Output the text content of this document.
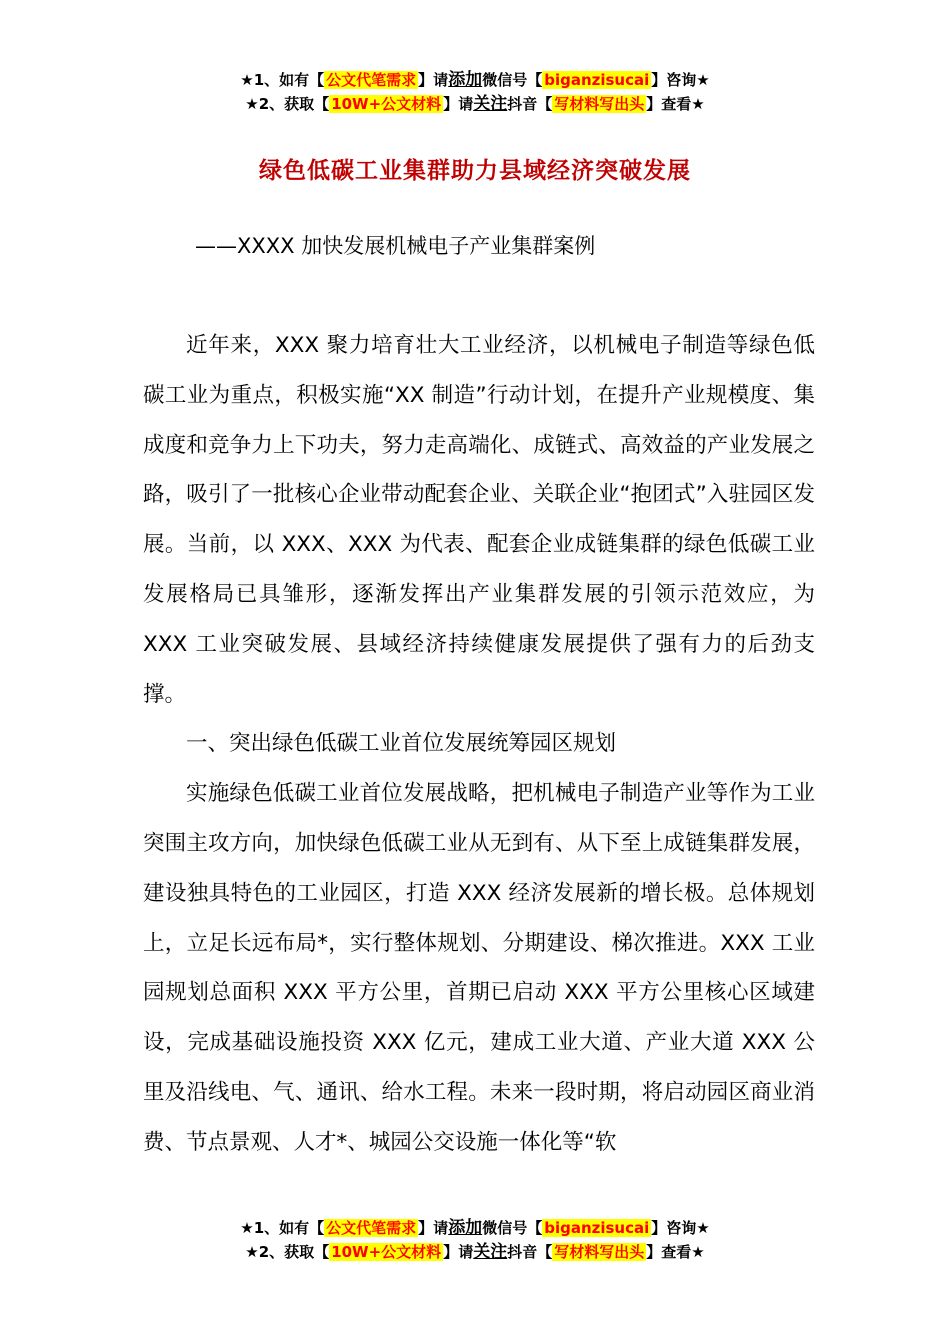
★1、如有【 公文代笔需求 】请添加微信号【 biganzisucai 】咨询★
★2、获取【 10W+公文材料 】请关注抖音【 写材料写出头 】查看★
绿色低碳工业集群助力县域经济突破发展
——XXXX 加快发展机械电子产业集群案例

近年来，XXX 聚力培育壮大工业经济，以机械电子制造等绿色低碳工业为重点，积极实施“XX 制造”行动计划，在提升产业规模度、集成度和竞争力上下功夫，努力走高端化、成链式、高效益的产业发展之路，吸引了一批核心企业带动配套企业、关联企业“抱团式”入驻园区发展。当前，以 XXX、XXX 为代表、配套企业成链集群的绿色低碳工业发展格局已具雏形，逐渐发挥出产业集群发展的引领示范效应，为 XXX 工业突破发展、县域经济持续健康发展提供了强有力的后劲支撑。

一、突出绿色低碳工业首位发展统筹园区规划

实施绿色低碳工业首位发展战略，把机械电子制造产业等作为工业突围主攻方向，加快绿色低碳工业从无到有、从下至上成链集群发展，建设独具特色的工业园区，打造 XXX 经济发展新的增长极。总体规划上，立足长远布局*，实行整体规划、分期建设、梯次推进。XXX 工业园规划总面积 XXX 平方公里，首期已启动 XXX 平方公里核心区域建设，完成基础设施投资 XXX 亿元，建成工业大道、产业大道 XXX 公里及沿线电、气、通讯、给水工程。未来一段时期，将启动园区商业消费、节点景观、人才*、城园公交设施一体化等“软

★1、如有【 公文代笔需求 】请添加微信号【 biganzisucai 】咨询★
★2、获取【 10W+公文材料 】请关注抖音【 写材料写出头 】查看★
